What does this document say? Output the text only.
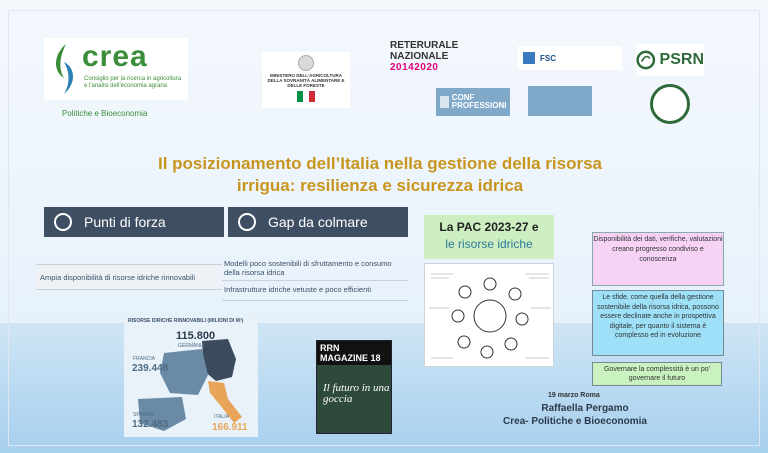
crea
Consiglio per la ricerca in agricoltura e l'analisi dell'economia agraria
Politiche e Bioeconomia
MINISTERO DELL'AGRICOLTURA DELLA SOVRANITÀ ALIMENTARE E DELLE FORESTE
RETERURALE
NAZIONALE
20142020
CONF PROFESSIONI
FSC	PSRN
Il posizionamento dell’Italia nella gestione della risorsa
irrigua: resilienza e sicurezza idrica
Punti di forza	Gap da colmare
Ampia disponibilità di risorse idriche rinnovabili
Modelli poco sostenibili di sfruttamento e consumo della risorsa idrica
Infrastrutture idriche vetuste e poco efficienti
RISORSE IDRICHE RINNOVABILI (MILIONI DI M³)
115.800
GERMANIA
FRANCIA
239.448
SPAGNA
132.483
ITALIA
166.911
RRN MAGAZINE 18
Il futuro in una goccia
La PAC 2023-27 e
le risorse idriche	Disponibilità dei dati, verifiche, valutazioni creano progresso condiviso e conoscenza
Le sfide, come quella della gestione sostenibile della risorsa idrica, possono essere declinate anche in prospettiva digitale, per quanto il sistema è complesso ed in evoluzione
Governare la complessità è un po' governare il futuro
19 marzo Roma
Raffaella Pergamo
Crea- Politiche e Bioeconomia
